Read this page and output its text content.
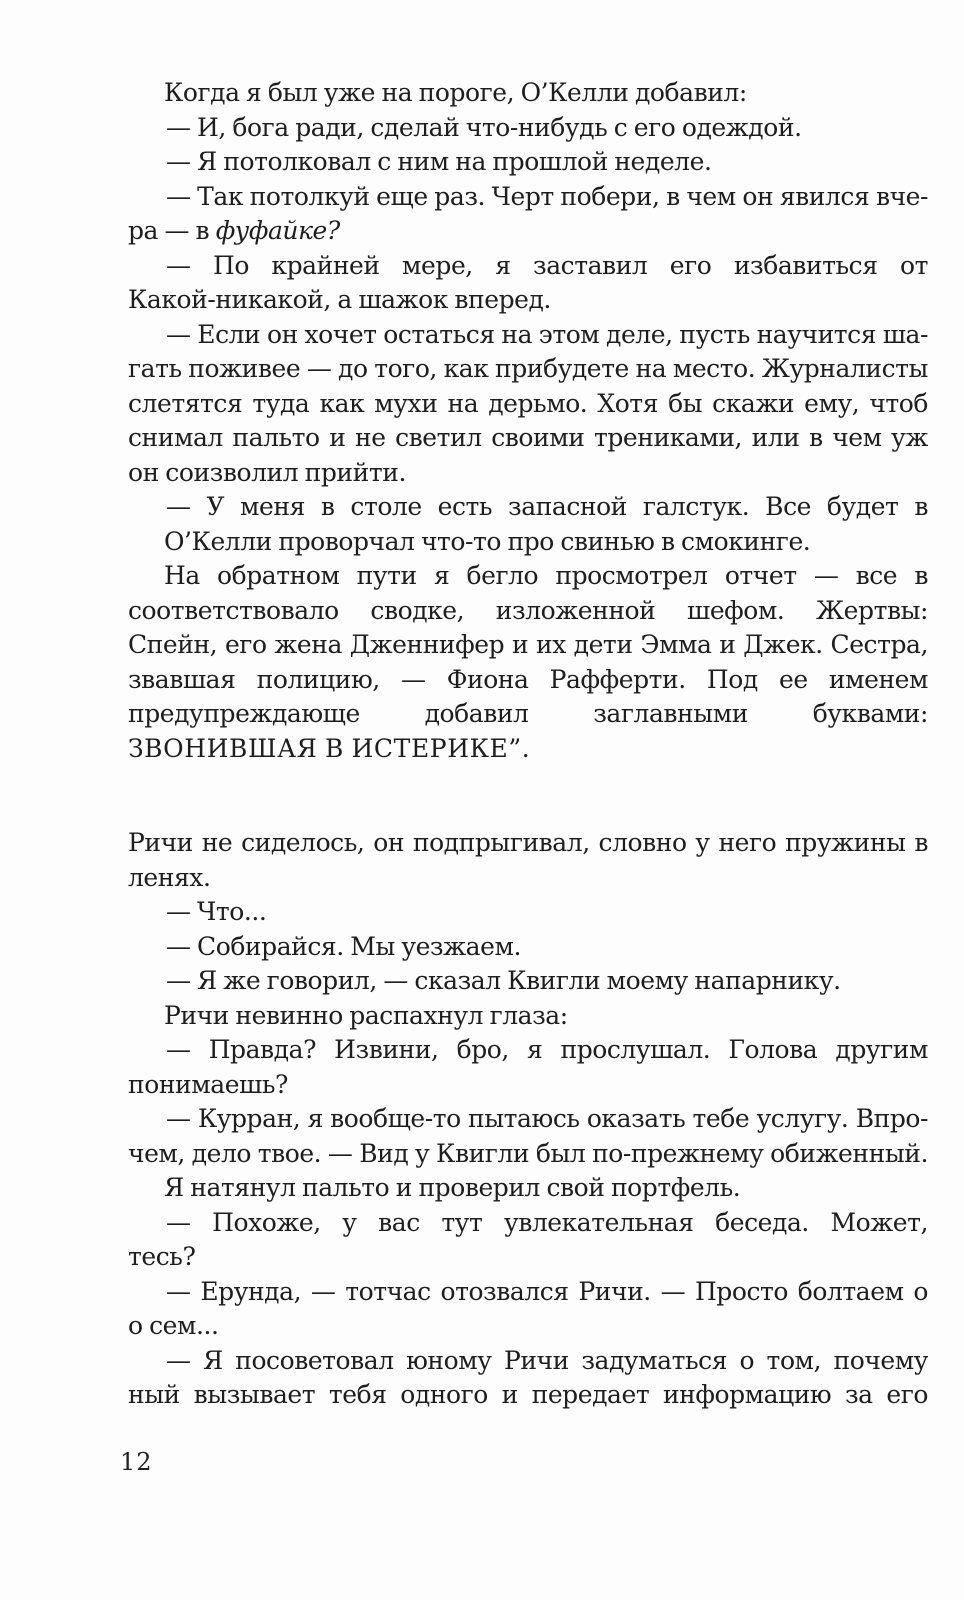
Когда я был уже на пороге, О’Келли добавил:
— И, бога ради, сделай что-нибудь с его одеждой.
— Я потолковал с ним на прошлой неделе.
— Так потолкуй еще раз. Черт побери, в чем он явился вче-
ра — в фуфайке?
— По крайней мере, я заставил его избавиться от
Какой-никакой, а шажок вперед.
— Если он хочет остаться на этом деле, пусть научится ша-
гать поживее — до того, как прибудете на место. Журналисты
слетятся туда как мухи на дерьмо. Хотя бы скажи ему, чтоб
снимал пальто и не светил своими трениками, или в чем уж
он соизволил прийти.
— У меня в столе есть запасной галстук. Все будет в
О’Келли проворчал что-то про свинью в смокинге.
На обратном пути я бегло просмотрел отчет — все в
соответствовало сводке, изложенной шефом. Жертвы:
Спейн, его жена Дженнифер и их дети Эмма и Джек. Сестра,
звавшая полицию, — Фиона Рафферти. Под ее именем
предупреждающе добавил заглавными буквами:
ЗВОНИВШАЯ В ИСТЕРИКЕ”.
Ричи не сиделось, он подпрыгивал, словно у него пружины в
ленях.
— Что...
— Собирайся. Мы уезжаем.
— Я же говорил, — сказал Квигли моему напарнику.
Ричи невинно распахнул глаза:
— Правда? Извини, бро, я прослушал. Голова другим
понимаешь?
— Курран, я вообще-то пытаюсь оказать тебе услугу. Впро-
чем, дело твое. — Вид у Квигли был по-прежнему обиженный.
Я натянул пальто и проверил свой портфель.
— Похоже, у вас тут увлекательная беседа. Может,
тесь?
— Ерунда, — тотчас отозвался Ричи. — Просто болтаем о
о сем...
— Я посоветовал юному Ричи задуматься о том, почему
ный вызывает тебя одного и передает информацию за его
12
